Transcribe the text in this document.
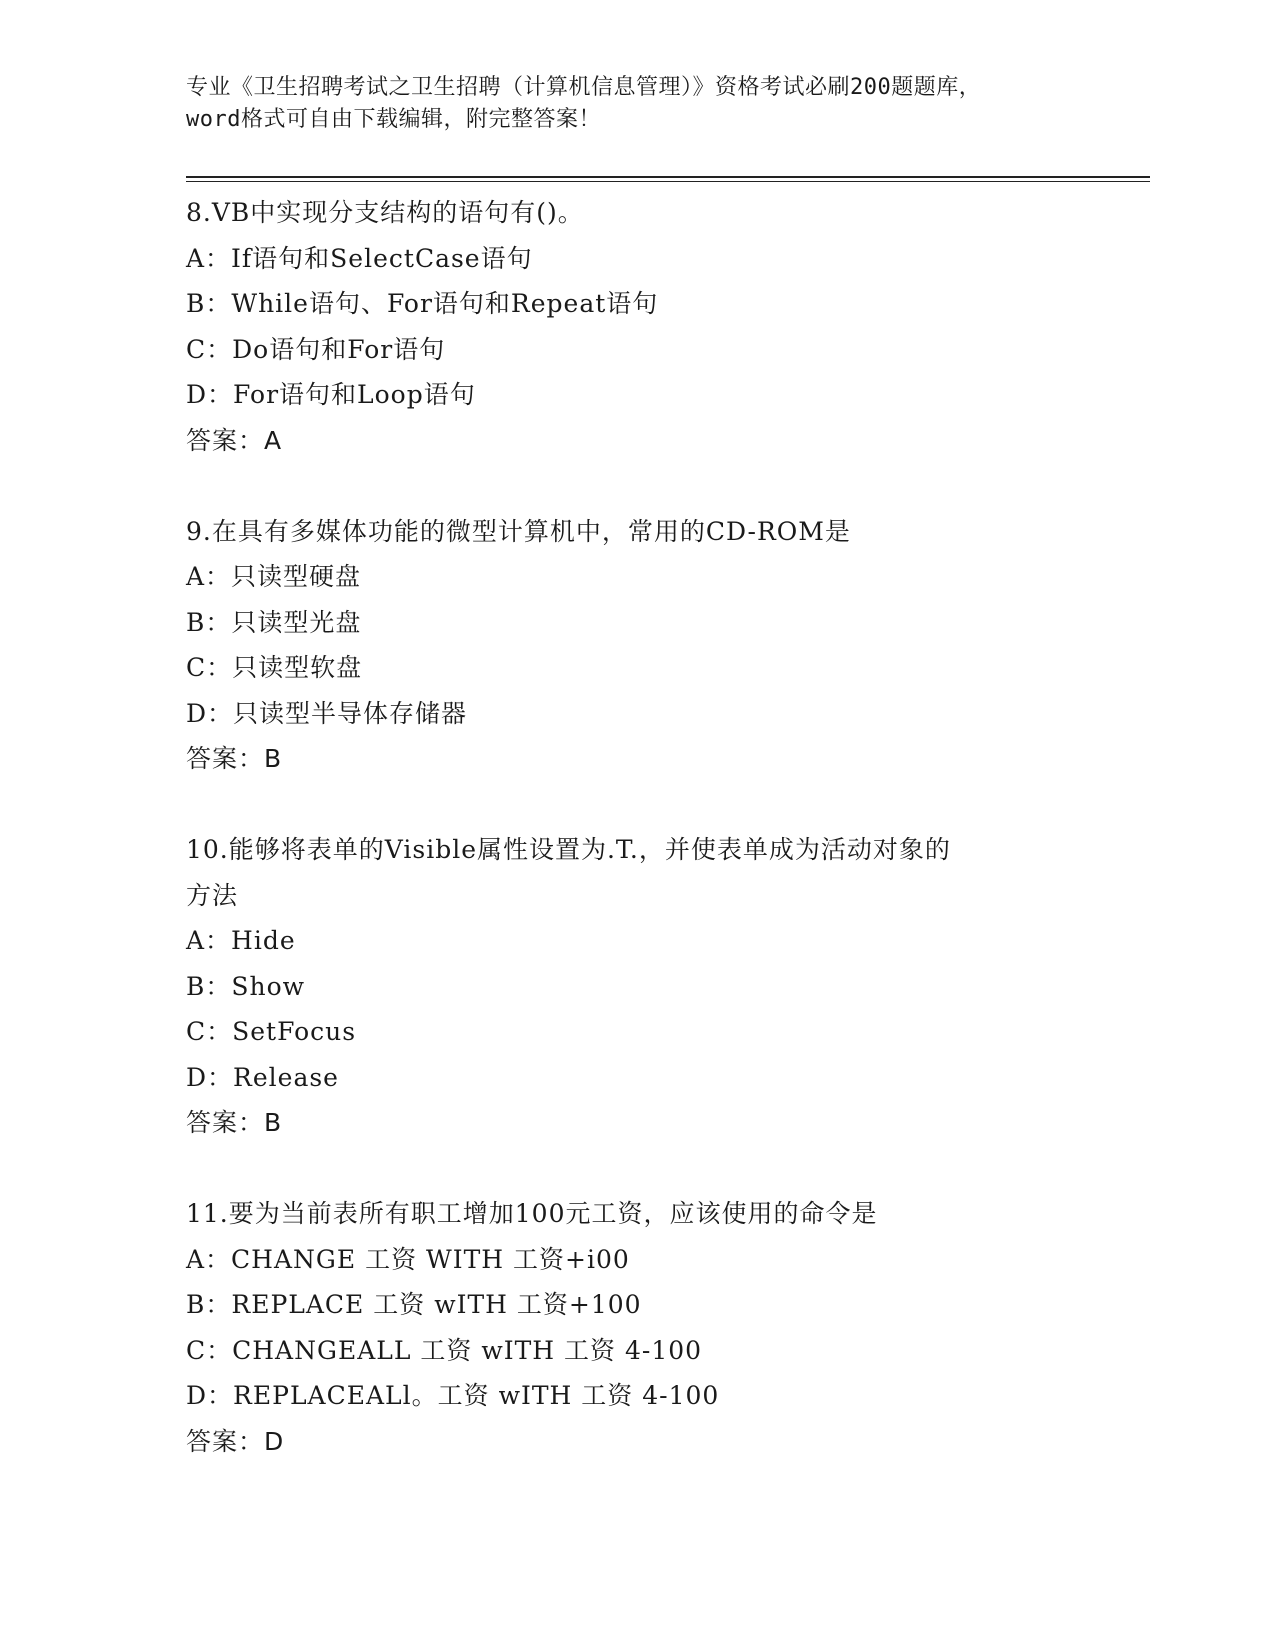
专业《卫生招聘考试之卫生招聘（计算机信息管理）》资格考试必刷200题题库，
word格式可自由下载编辑，附完整答案！
8.VB中实现分支结构的语句有()。
A：If语句和SelectCase语句
B：While语句、For语句和Repeat语句
C：Do语句和For语句
D：For语句和Loop语句
答案：A
9.在具有多媒体功能的微型计算机中，常用的CD-ROM是
A：只读型硬盘
B：只读型光盘
C：只读型软盘
D：只读型半导体存储器
答案：B
10.能够将表单的Visible属性设置为.T.，并使表单成为活动对象的
方法
A：Hide
B：Show
C：SetFocus
D：Release
答案：B
11.要为当前表所有职工增加100元工资，应该使用的命令是
A：CHANGE 工资 WITH 工资+i00
B：REPLACE 工资 wITH 工资+100
C：CHANGEALL 工资 wITH 工资 4-100
D：REPLACEALl。工资 wITH 工资 4-100
答案：D
